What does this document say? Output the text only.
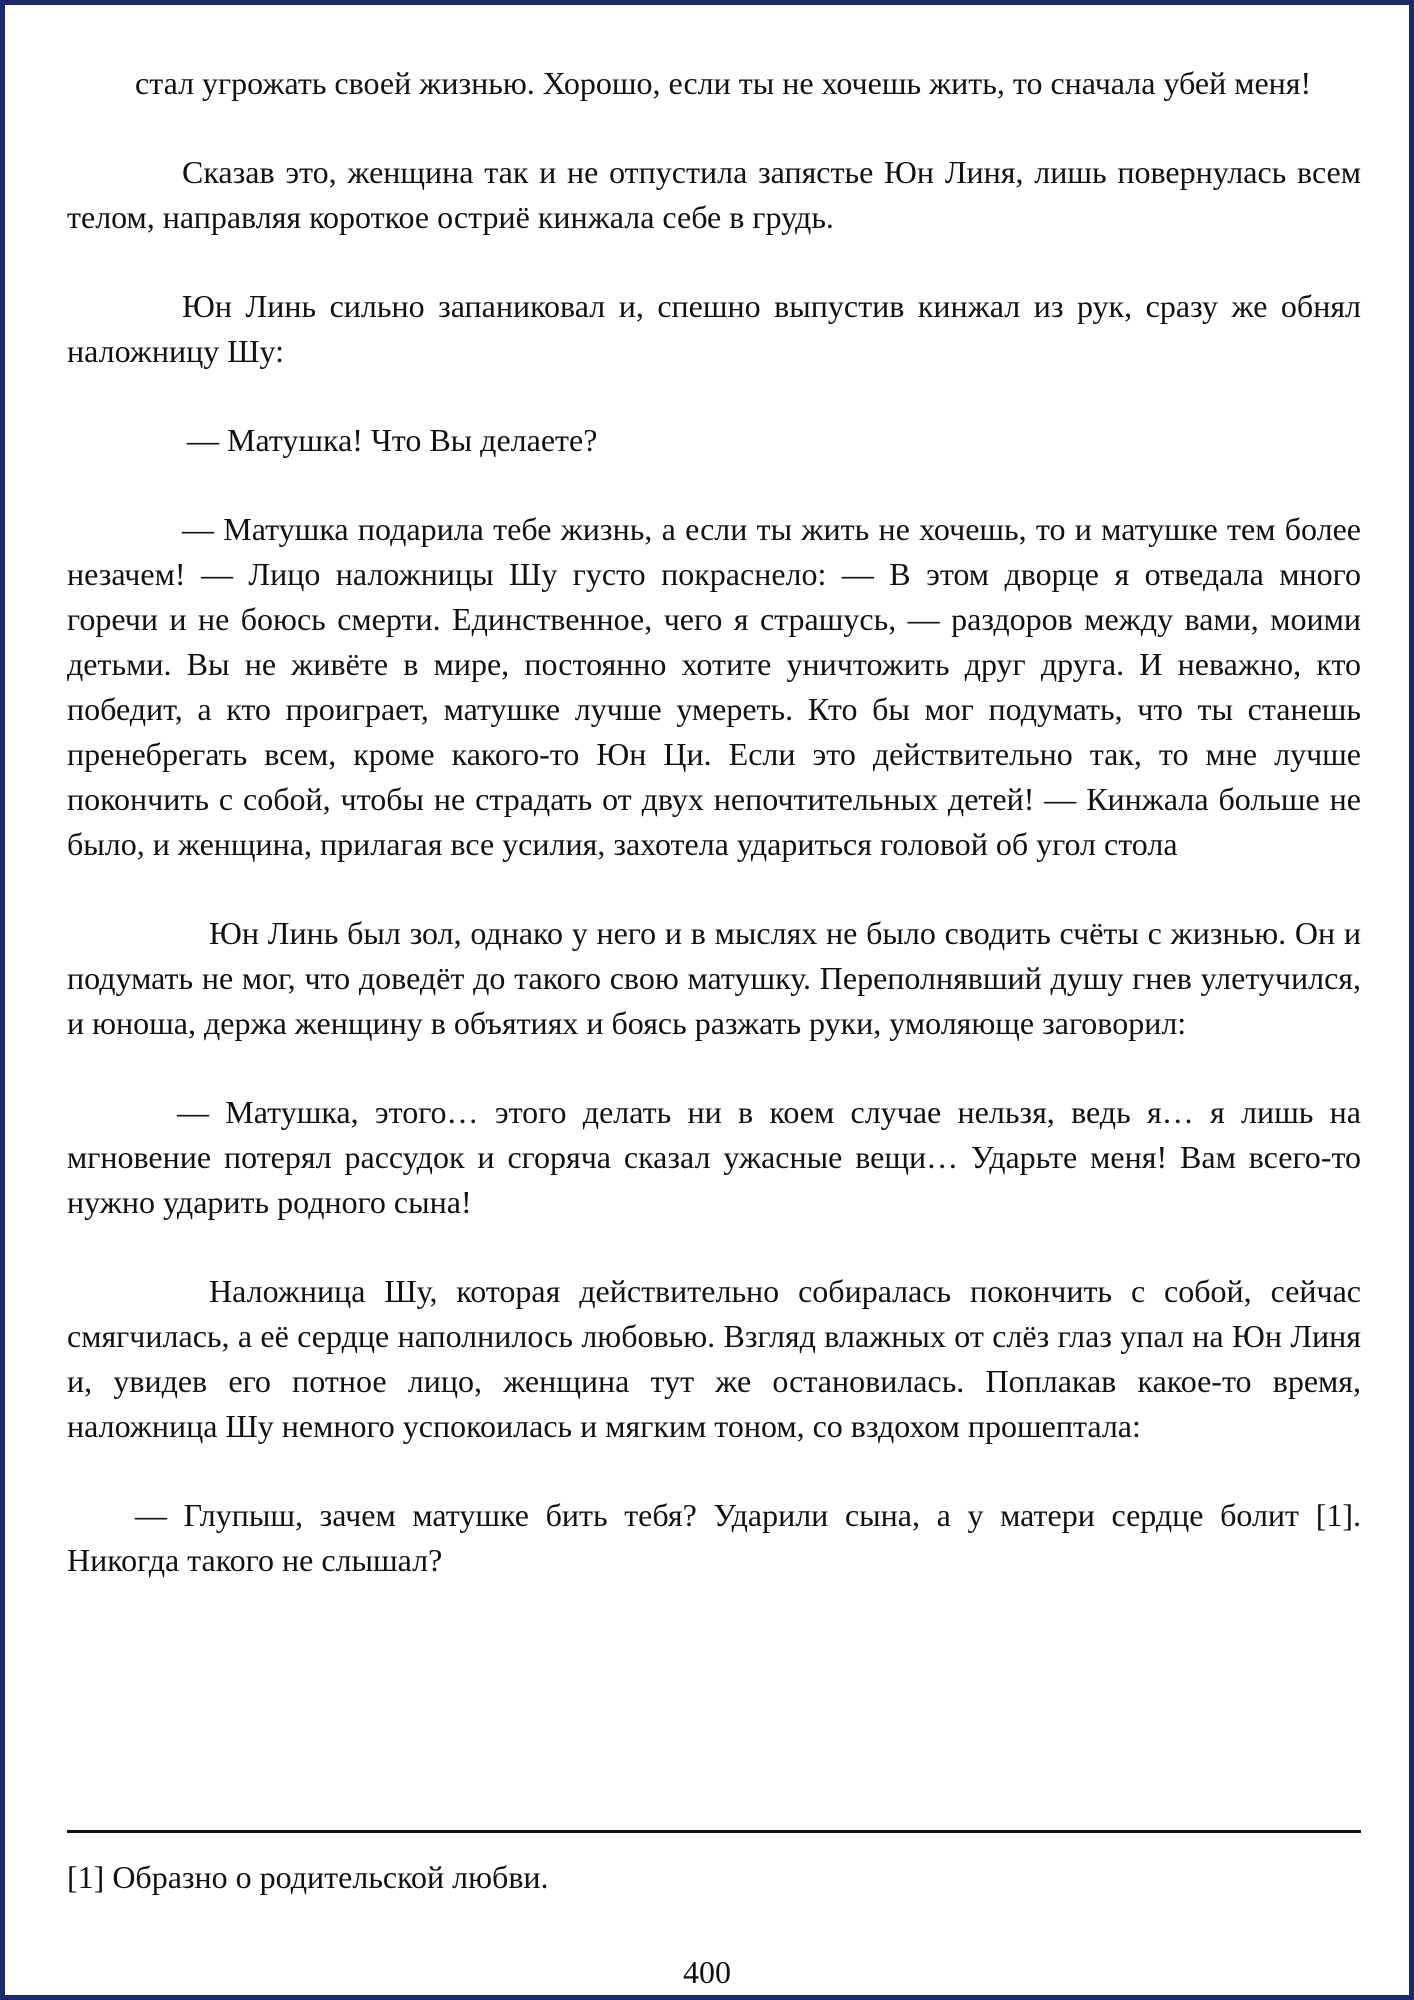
стал угрожать своей жизнью. Хорошо, если ты не хочешь жить, то сначала убей меня!

Сказав это, женщина так и не отпустила запястье Юн Линя, лишь повернулась всем телом, направляя короткое остриё кинжала себе в грудь.

Юн Линь сильно запаниковал и, спешно выпустив кинжал из рук, сразу же обнял наложницу Шу:

— Матушка! Что Вы делаете?

— Матушка подарила тебе жизнь, а если ты жить не хочешь, то и матушке тем более незачем! — Лицо наложницы Шу густо покраснело: — В этом дворце я отведала много горечи и не боюсь смерти. Единственное, чего я страшусь, — раздоров между вами, моими детьми. Вы не живёте в мире, постоянно хотите уничтожить друг друга. И неважно, кто победит, а кто проиграет, матушке лучше умереть. Кто бы мог подумать, что ты станешь пренебрегать всем, кроме какого-то Юн Ци. Если это действительно так, то мне лучше покончить с собой, чтобы не страдать от двух непочтительных детей! — Кинжала больше не было, и женщина, прилагая все усилия, захотела удариться головой об угол стола

Юн Линь был зол, однако у него и в мыслях не было сводить счёты с жизнью. Он и подумать не мог, что доведёт до такого свою матушку. Переполнявший душу гнев улетучился, и юноша, держа женщину в объятиях и боясь разжать руки, умоляюще заговорил:

— Матушка, этого… этого делать ни в коем случае нельзя, ведь я… я лишь на мгновение потерял рассудок и сгоряча сказал ужасные вещи… Ударьте меня! Вам всего-то нужно ударить родного сына!

Наложница Шу, которая действительно собиралась покончить с собой, сейчас смягчилась, а её сердце наполнилось любовью. Взгляд влажных от слёз глаз упал на Юн Линя и, увидев его потное лицо, женщина тут же остановилась. Поплакав какое-то время, наложница Шу немного успокоилась и мягким тоном, со вздохом прошептала:

— Глупыш, зачем матушке бить тебя? Ударили сына, а у матери сердце болит [1]. Никогда такого не слышал?

[1] Образно о родительской любви.

400
